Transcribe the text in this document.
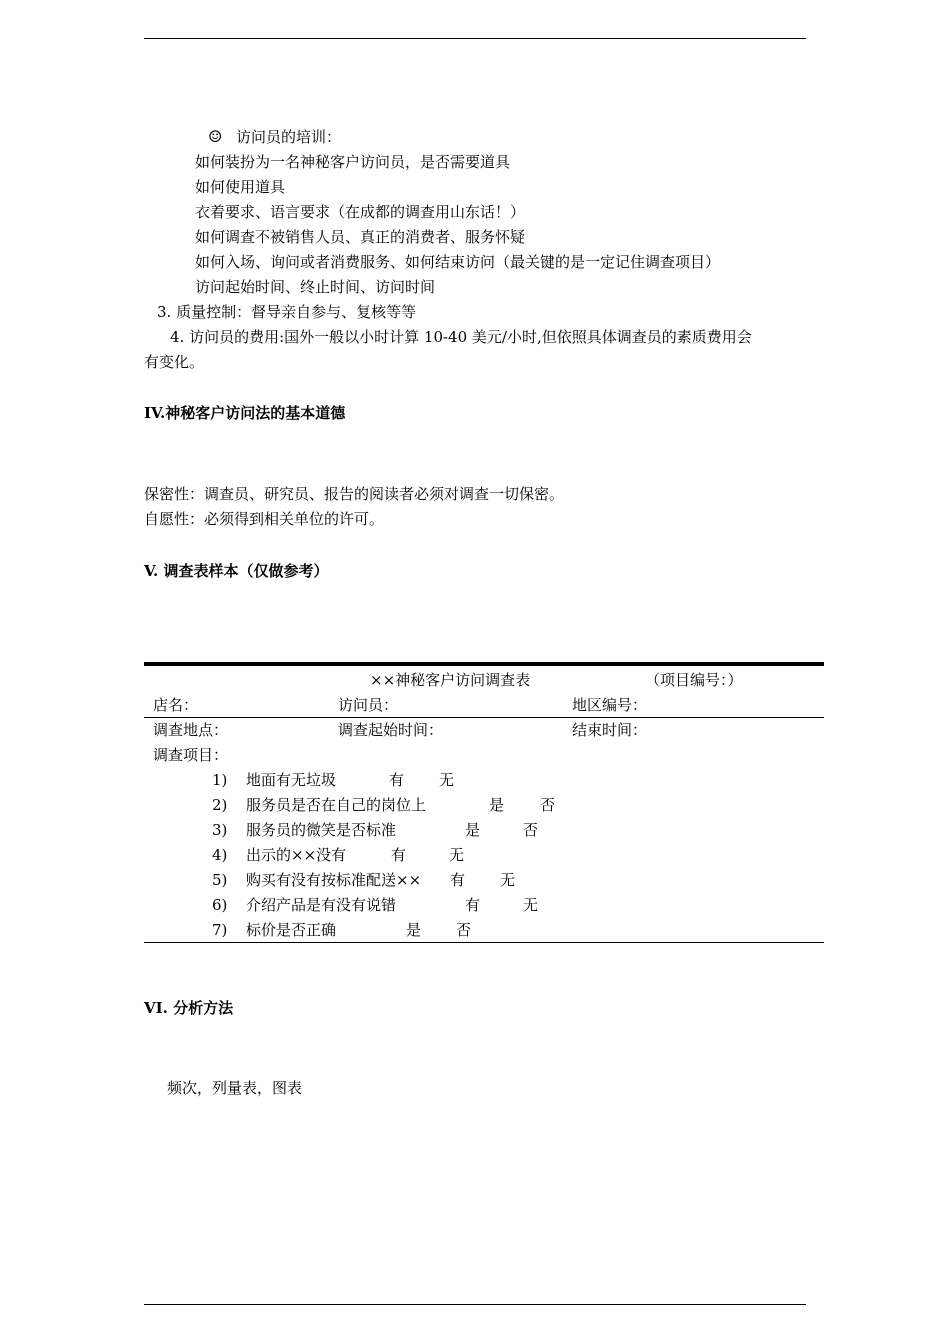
☺ 访问员的培训：
如何装扮为一名神秘客户访问员，是否需要道具
如何使用道具
衣着要求、语言要求（在成都的调查用山东话！）
如何调查不被销售人员、真正的消费者、服务怀疑
如何入场、询问或者消费服务、如何结束访问（最关键的是一定记住调查项目）
访问起始时间、终止时间、访问时间
3. 质量控制：督导亲自参与、复核等等
4. 访问员的费用:国外一般以小时计算 10-40 美元/小时,但依照具体调查员的素质费用会
有变化。
IV.神秘客户访问法的基本道德
保密性：调查员、研究员、报告的阅读者必须对调查一切保密。
自愿性：必须得到相关单位的许可。
V. 调查表样本（仅做参考）
××神秘客户访问调查表	（项目编号：）
店名：	访问员：	地区编号：
调查地点：	调查起始时间：	结束时间：
调查项目：
1) 地面有无垃圾	有 无
2) 服务员是否在自己的岗位上	是 否
3) 服务员的微笑是否标准	是	否
4) 出示的××没有	有	无
5) 购买有没有按标准配送×× 有 无
6) 介绍产品是有没有说错	有	无
7) 标价是否正确	是 否
VI. 分析方法
频次，列量表，图表
